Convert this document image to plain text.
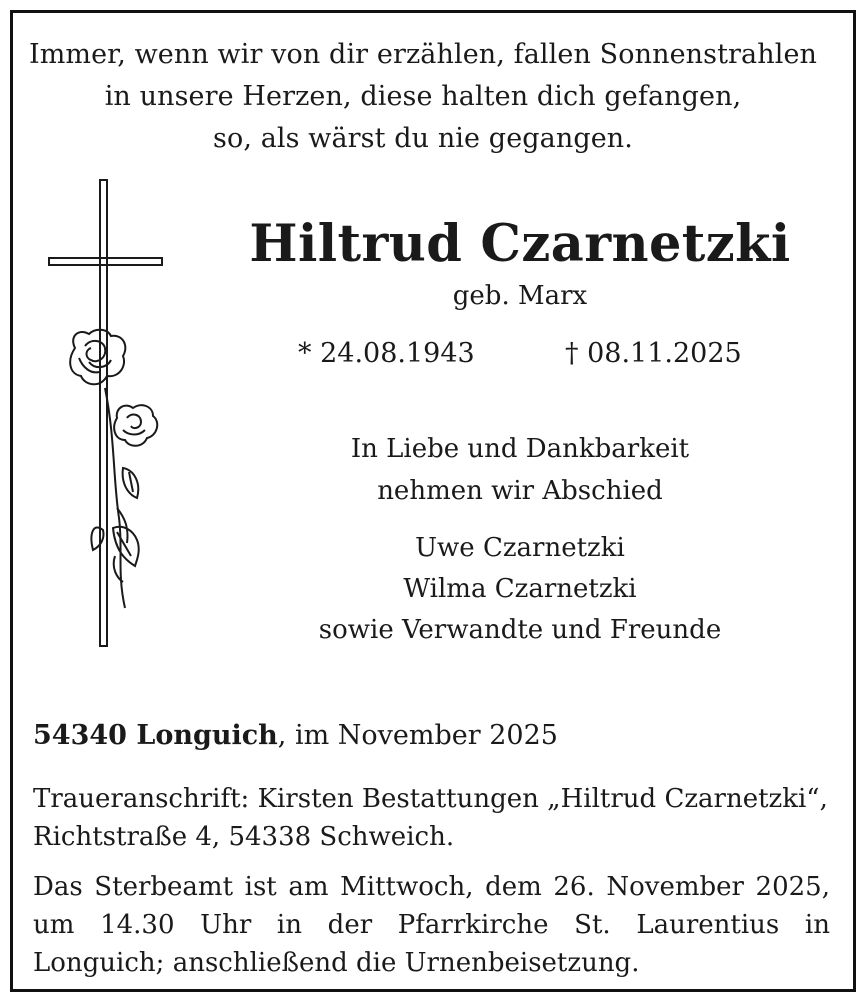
Immer, wenn wir von dir erzählen, fallen Sonnenstrahlen
in unsere Herzen, diese halten dich gefangen,
so, als wärst du nie gegangen.
Hiltrud Czarnetzki
geb. Marx
* 24.08.1943	† 08.11.2025
In Liebe und Dankbarkeit
nehmen wir Abschied
Uwe Czarnetzki
Wilma Czarnetzki
sowie Verwandte und Freunde
54340 Longuich, im November 2025
Traueranschrift: Kirsten Bestattungen „Hiltrud Czarnetzki“,
Richtstraße 4, 54338 Schweich.
Das Sterbeamt ist am Mittwoch, dem 26. November 2025, um 14.30 Uhr in der Pfarrkirche St. Laurentius in Longuich; anschließend die Urnenbeisetzung.
